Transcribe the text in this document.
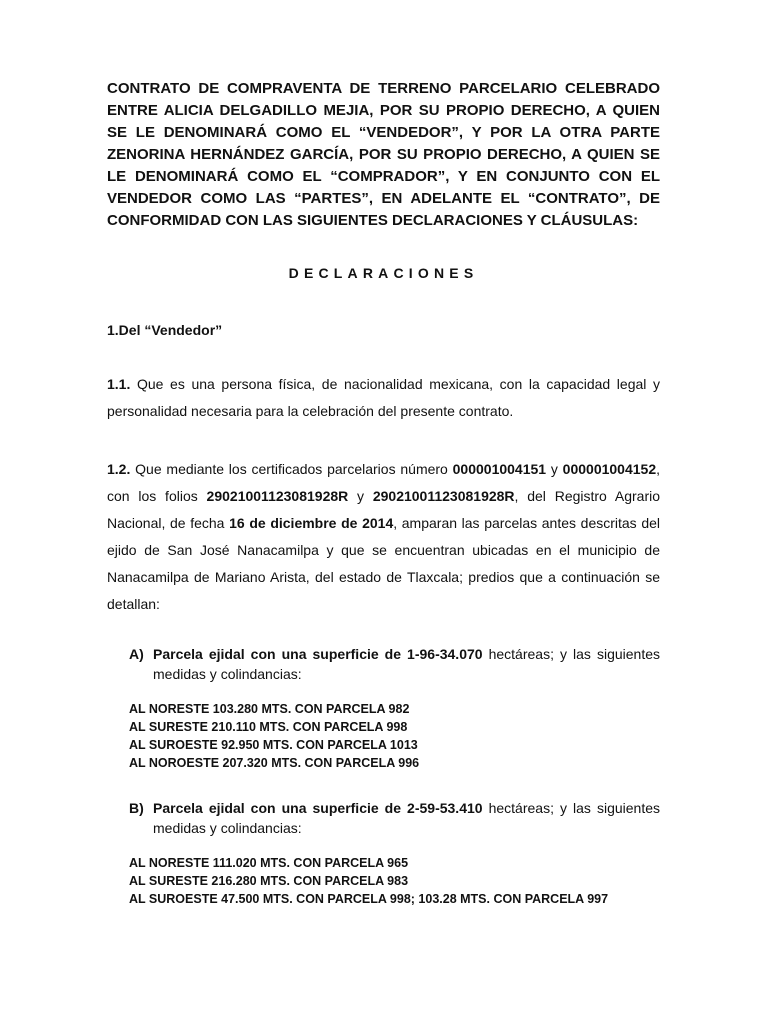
CONTRATO DE COMPRAVENTA DE TERRENO PARCELARIO CELEBRADO ENTRE ALICIA DELGADILLO MEJIA, POR SU PROPIO DERECHO, A QUIEN SE LE DENOMINARÁ COMO EL “VENDEDOR”, Y POR LA OTRA PARTE ZENORINA HERNÁNDEZ GARCÍA, POR SU PROPIO DERECHO, A QUIEN SE LE DENOMINARÁ COMO EL “COMPRADOR”, Y EN CONJUNTO CON EL VENDEDOR COMO LAS “PARTES”, EN ADELANTE EL “CONTRATO”, DE CONFORMIDAD CON LAS SIGUIENTES DECLARACIONES Y CLÁUSULAS:

DECLARACIONES
1.Del “Vendedor”

1.1. Que es una persona física, de nacionalidad mexicana, con la capacidad legal y personalidad necesaria para la celebración del presente contrato.

1.2. Que mediante los certificados parcelarios número 000001004151 y 000001004152, con los folios 29021001123081928R y 29021001123081928R, del Registro Agrario Nacional, de fecha 16 de diciembre de 2014, amparan las parcelas antes descritas del ejido de San José Nanacamilpa y que se encuentran ubicadas en el municipio de Nanacamilpa de Mariano Arista, del estado de Tlaxcala; predios que a continuación se detallan:

A) Parcela ejidal con una superficie de 1-96-34.070 hectáreas; y las siguientes medidas y colindancias:
AL NORESTE 103.280 MTS. CON PARCELA 982
AL SURESTE 210.110 MTS. CON PARCELA 998
AL SUROESTE 92.950 MTS. CON PARCELA 1013
AL NOROESTE 207.320 MTS. CON PARCELA 996
B) Parcela ejidal con una superficie de 2-59-53.410 hectáreas; y las siguientes medidas y colindancias:
AL NORESTE 111.020 MTS. CON PARCELA 965
AL SURESTE 216.280 MTS. CON PARCELA 983
AL SUROESTE 47.500 MTS. CON PARCELA 998; 103.28 MTS. CON PARCELA 997
